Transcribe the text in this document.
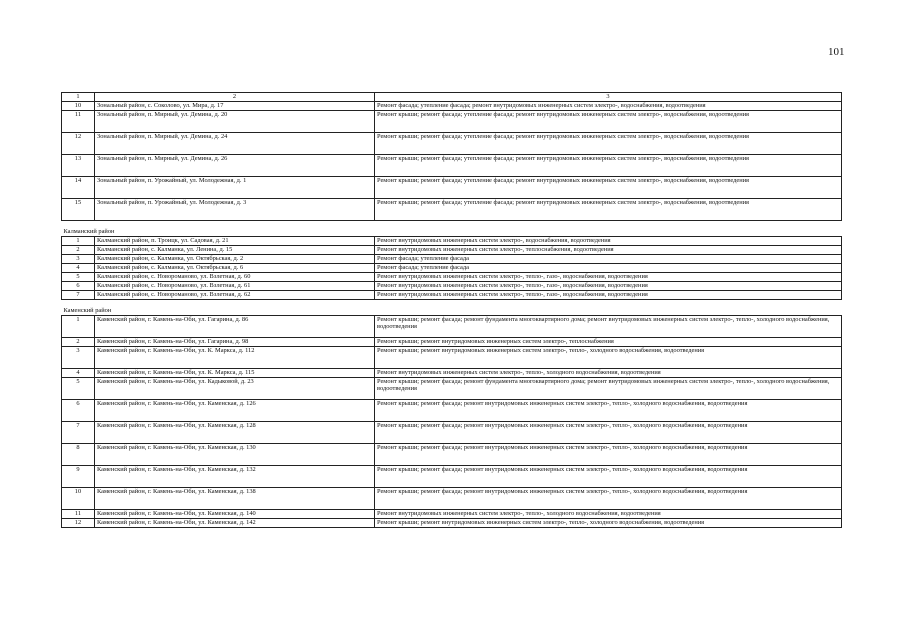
101
1	2	3
10	Зональный район, с. Соколово, ул. Мира, д. 17	Ремонт фасада; утепление фасада; ремонт внутридомовых инженерных систем электро-, водоснабжения, водоотведения
11	Зональный район, п. Мирный, ул. Демина, д. 20	Ремонт крыши; ремонт фасада; утепление фасада; ремонт внутридомовых инженерных систем электро-, водоснабжения, водоотведения
12	Зональный район, п. Мирный, ул. Демина, д. 24	Ремонт крыши; ремонт фасада; утепление фасада; ремонт внутридомовых инженерных систем электро-, водоснабжения, водоотведения
13	Зональный район, п. Мирный, ул. Демина, д. 26	Ремонт крыши; ремонт фасада; утепление фасада; ремонт внутридомовых инженерных систем электро-, водоснабжения, водоотведения
14	Зональный район, п. Урожайный, ул. Молодежная, д. 1	Ремонт крыши; ремонт фасада; утепление фасада; ремонт внутридомовых инженерных систем электро-, водоснабжения, водоотведения
15	Зональный район, п. Урожайный, ул. Молодежная, д. 3	Ремонт крыши; ремонт фасада; утепление фасада; ремонт внутридомовых инженерных систем электро-, водоснабжения, водоотведения
Калманский район		
1	Калманский район, п. Троицк, ул. Садовая, д. 21	Ремонт внутридомовых инженерных систем электро-, водоснабжения, водоотведения
2	Калманский район, с. Калманка, ул. Ленина, д. 15	Ремонт внутридомовых инженерных систем электро-, теплоснабжения, водоотведения
3	Калманский район, с. Калманка, ул. Октябрьская, д. 2	Ремонт фасада; утепление фасада
4	Калманский район, с. Калманка, ул. Октябрьская, д. 6	Ремонт фасада; утепление фасада
5	Калманский район, с. Новороманово, ул. Взлетная, д. 60	Ремонт внутридомовых инженерных систем электро-, тепло-, газо-, водоснабжения, водоотведения
6	Калманский район, с. Новороманово, ул. Взлетная, д. 61	Ремонт внутридомовых инженерных систем электро-, тепло-, газо-, водоснабжения, водоотведения
7	Калманский район, с. Новороманово, ул. Взлетная, д. 62	Ремонт внутридомовых инженерных систем электро-, тепло-, газо-, водоснабжения, водоотведения
Каменский район		
1	Каменский район, г. Камень-на-Оби, ул. Гагарина, д. 86	Ремонт крыши; ремонт фасада; ремонт фундамента многоквартирного дома; ремонт внутридомовых инженерных систем электро-, тепло-, холодного водоснабжения, водоотведения
2	Каменский район, г. Камень-на-Оби, ул. Гагарина, д. 98	Ремонт крыши; ремонт внутридомовых инженерных систем электро-, теплоснабжения
3	Каменский район, г. Камень-на-Оби, ул. К. Маркса, д. 112	Ремонт крыши; ремонт внутридомовых инженерных систем электро-, тепло-, холодного водоснабжения, водоотведения
4	Каменский район, г. Камень-на-Оби, ул. К. Маркса, д. 115	Ремонт внутридомовых инженерных систем электро-, тепло-, холодного водоснабжения, водоотведения
5	Каменский район, г. Камень-на-Оби, ул. Кадыковой, д. 23	Ремонт крыши; ремонт фасада; ремонт фундамента многоквартирного дома; ремонт внутридомовых инженерных систем электро-, тепло-, холодного водоснабжения, водоотведения
6	Каменский район, г. Камень-на-Оби, ул. Каменская, д. 126	Ремонт крыши; ремонт фасада; ремонт внутридомовых инженерных систем электро-, тепло-, холодного водоснабжения, водоотведения
7	Каменский район, г. Камень-на-Оби, ул. Каменская, д. 128	Ремонт крыши; ремонт фасада; ремонт внутридомовых инженерных систем электро-, тепло-, холодного водоснабжения, водоотведения
8	Каменский район, г. Камень-на-Оби, ул. Каменская, д. 130	Ремонт крыши; ремонт фасада; ремонт внутридомовых инженерных систем электро-, тепло-, холодного водоснабжения, водоотведения
9	Каменский район, г. Камень-на-Оби, ул. Каменская, д. 132	Ремонт крыши; ремонт фасада; ремонт внутридомовых инженерных систем электро-, тепло-, холодного водоснабжения, водоотведения
10	Каменский район, г. Камень-на-Оби, ул. Каменская, д. 138	Ремонт крыши; ремонт фасада; ремонт внутридомовых инженерных систем электро-, тепло-, холодного водоснабжения, водоотведения
11	Каменский район, г. Камень-на-Оби, ул. Каменская, д. 140	Ремонт внутридомовых инженерных систем электро-, тепло-, холодного водоснабжения, водоотведения
12	Каменский район, г. Камень-на-Оби, ул. Каменская, д. 142	Ремонт крыши; ремонт внутридомовых инженерных систем электро-, тепло-, холодного водоснабжения, водоотведения
